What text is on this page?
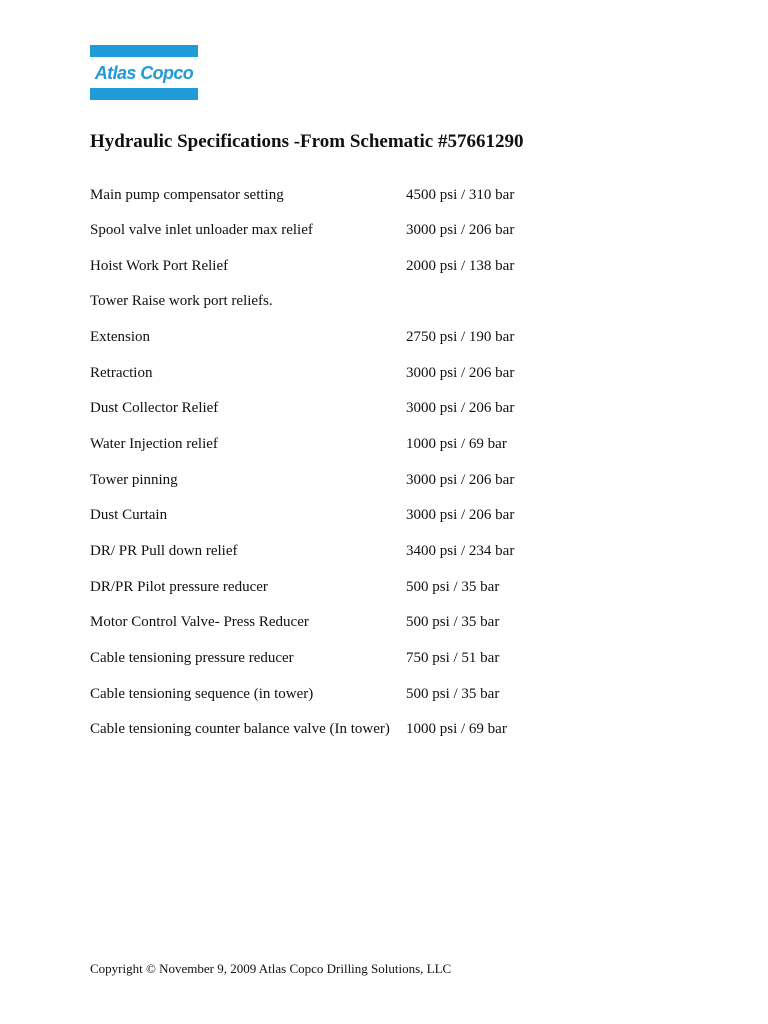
Atlas Copco
Hydraulic Specifications -From Schematic #57661290
Main pump compensator setting	4500 psi / 310 bar
Spool valve inlet unloader max relief	3000 psi / 206 bar
Hoist Work Port Relief	2000 psi / 138 bar
Tower Raise work port reliefs.
Extension	2750 psi / 190 bar
Retraction	3000 psi / 206 bar
Dust Collector Relief	3000 psi / 206 bar
Water Injection relief	1000 psi / 69 bar
Tower pinning	3000 psi / 206 bar
Dust Curtain	3000 psi / 206 bar
DR/ PR Pull down relief	3400 psi / 234 bar
DR/PR Pilot pressure reducer	500 psi / 35 bar
Motor Control Valve- Press Reducer	500 psi / 35 bar
Cable tensioning pressure reducer	750 psi / 51 bar
Cable tensioning sequence (in tower)	500 psi / 35 bar
Cable tensioning counter balance valve (In tower) 1000 psi / 69 bar
Copyright © November 9, 2009 Atlas Copco Drilling Solutions, LLC
